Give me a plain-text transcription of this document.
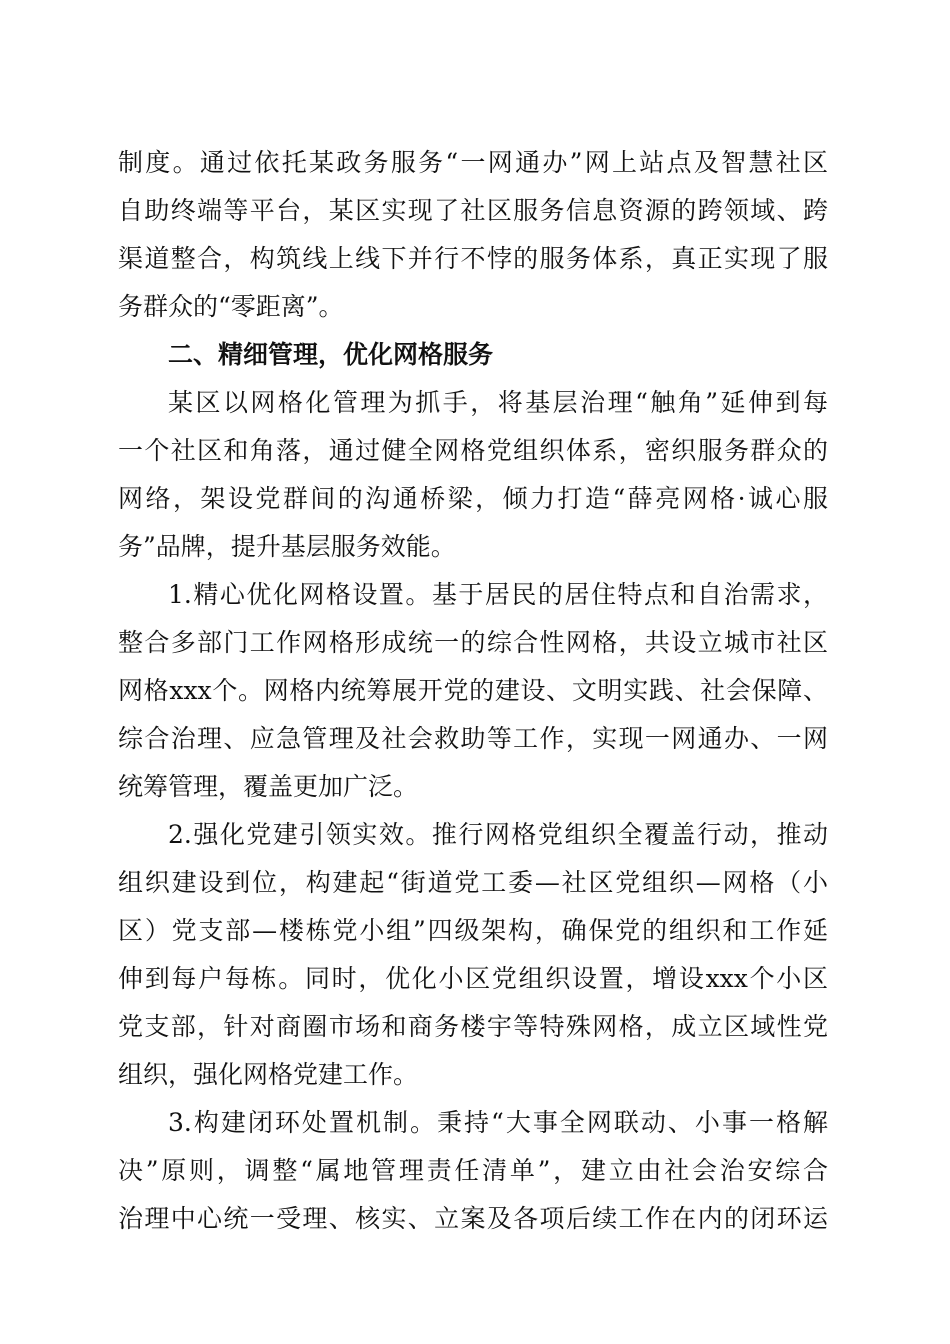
制度。通过依托某政务服务“一网通办”网上站点及智慧社区
自助终端等平台，某区实现了社区服务信息资源的跨领域、跨
渠道整合，构筑线上线下并行不悖的服务体系，真正实现了服
务群众的“零距离”。
二、精细管理，优化网格服务
某区以网格化管理为抓手，将基层治理“触角”延伸到每
一个社区和角落，通过健全网格党组织体系，密织服务群众的
网络，架设党群间的沟通桥梁，倾力打造“薛亮网格·诚心服
务”品牌，提升基层服务效能。
1.精心优化网格设置。基于居民的居住特点和自治需求，
整合多部门工作网格形成统一的综合性网格，共设立城市社区
网格xxx个。网格内统筹展开党的建设、文明实践、社会保障、
综合治理、应急管理及社会救助等工作，实现一网通办、一网
统筹管理，覆盖更加广泛。
2.强化党建引领实效。推行网格党组织全覆盖行动，推动
组织建设到位，构建起“街道党工委—社区党组织—网格（小
区）党支部—楼栋党小组”四级架构，确保党的组织和工作延
伸到每户每栋。同时，优化小区党组织设置，增设xxx个小区
党支部，针对商圈市场和商务楼宇等特殊网格，成立区域性党
组织，强化网格党建工作。
3.构建闭环处置机制。秉持“大事全网联动、小事一格解
决”原则，调整“属地管理责任清单”，建立由社会治安综合
治理中心统一受理、核实、立案及各项后续工作在内的闭环运
